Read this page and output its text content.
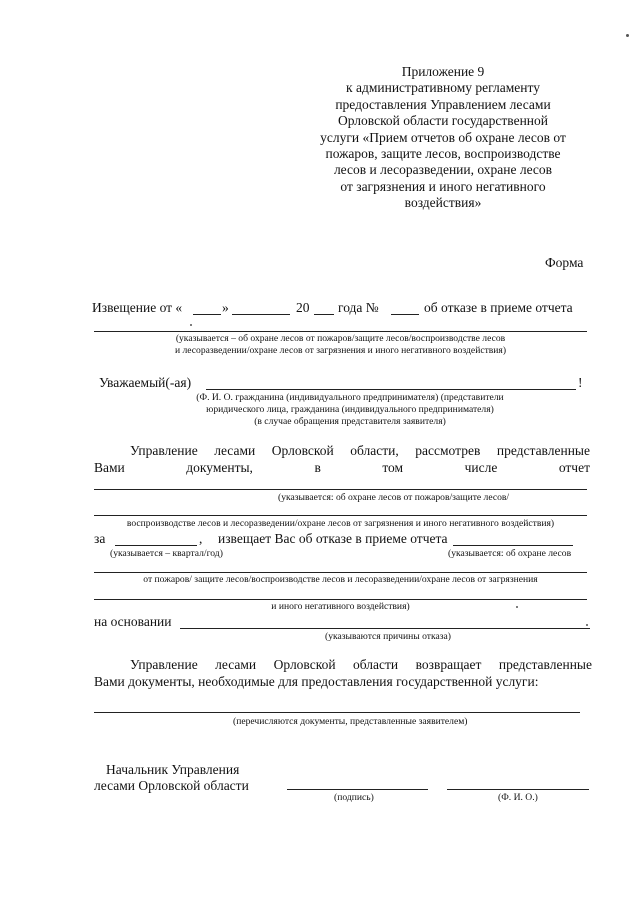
Приложение 9
к административному регламенту
предоставления Управлением лесами
Орловской области государственной
услуги «Прием отчетов об охране лесов от
пожаров, защите лесов, воспроизводстве
лесов и лесоразведении, охране лесов
от загрязнения и иного негативного
воздействия»
Форма
Извещение от «	»	20 года №	об отказе в приеме отчета
(указывается – об охране лесов от пожаров/защите лесов/воспроизводстве лесов
и лесоразведении/охране лесов от загрязнения и иного негативного воздействия)
Уважаемый(-ая)	!
(Ф. И. О. гражданина (индивидуального предпринимателя) (представители
юридического лица, гражданина (индивидуального предпринимателя)
(в случае обращения представителя заявителя)
Управление лесами Орловской области, рассмотрев представленные
Вами	документы,	в	том	числе	отчет
(указывается: об охране лесов от пожаров/защите лесов/
воспроизводстве лесов и лесоразведении/охране лесов от загрязнения и иного негативного воздействия)
за	, извещает Вас об отказе в приеме отчета
(указывается – квартал/год)	(указывается: об охране лесов
от пожаров/ защите лесов/воспроизводстве лесов и лесоразведении/охране лесов от загрязнения
и иного негативного воздействия)
на основании
(указываются причины отказа)
Управление лесами Орловской области возвращает представленные
Вами документы, необходимые для предоставления государственной услуги:
(перечисляются документы, представленные заявителем)
Начальник Управления
лесами Орловской области
(подпись)	(Ф. И. О.)
